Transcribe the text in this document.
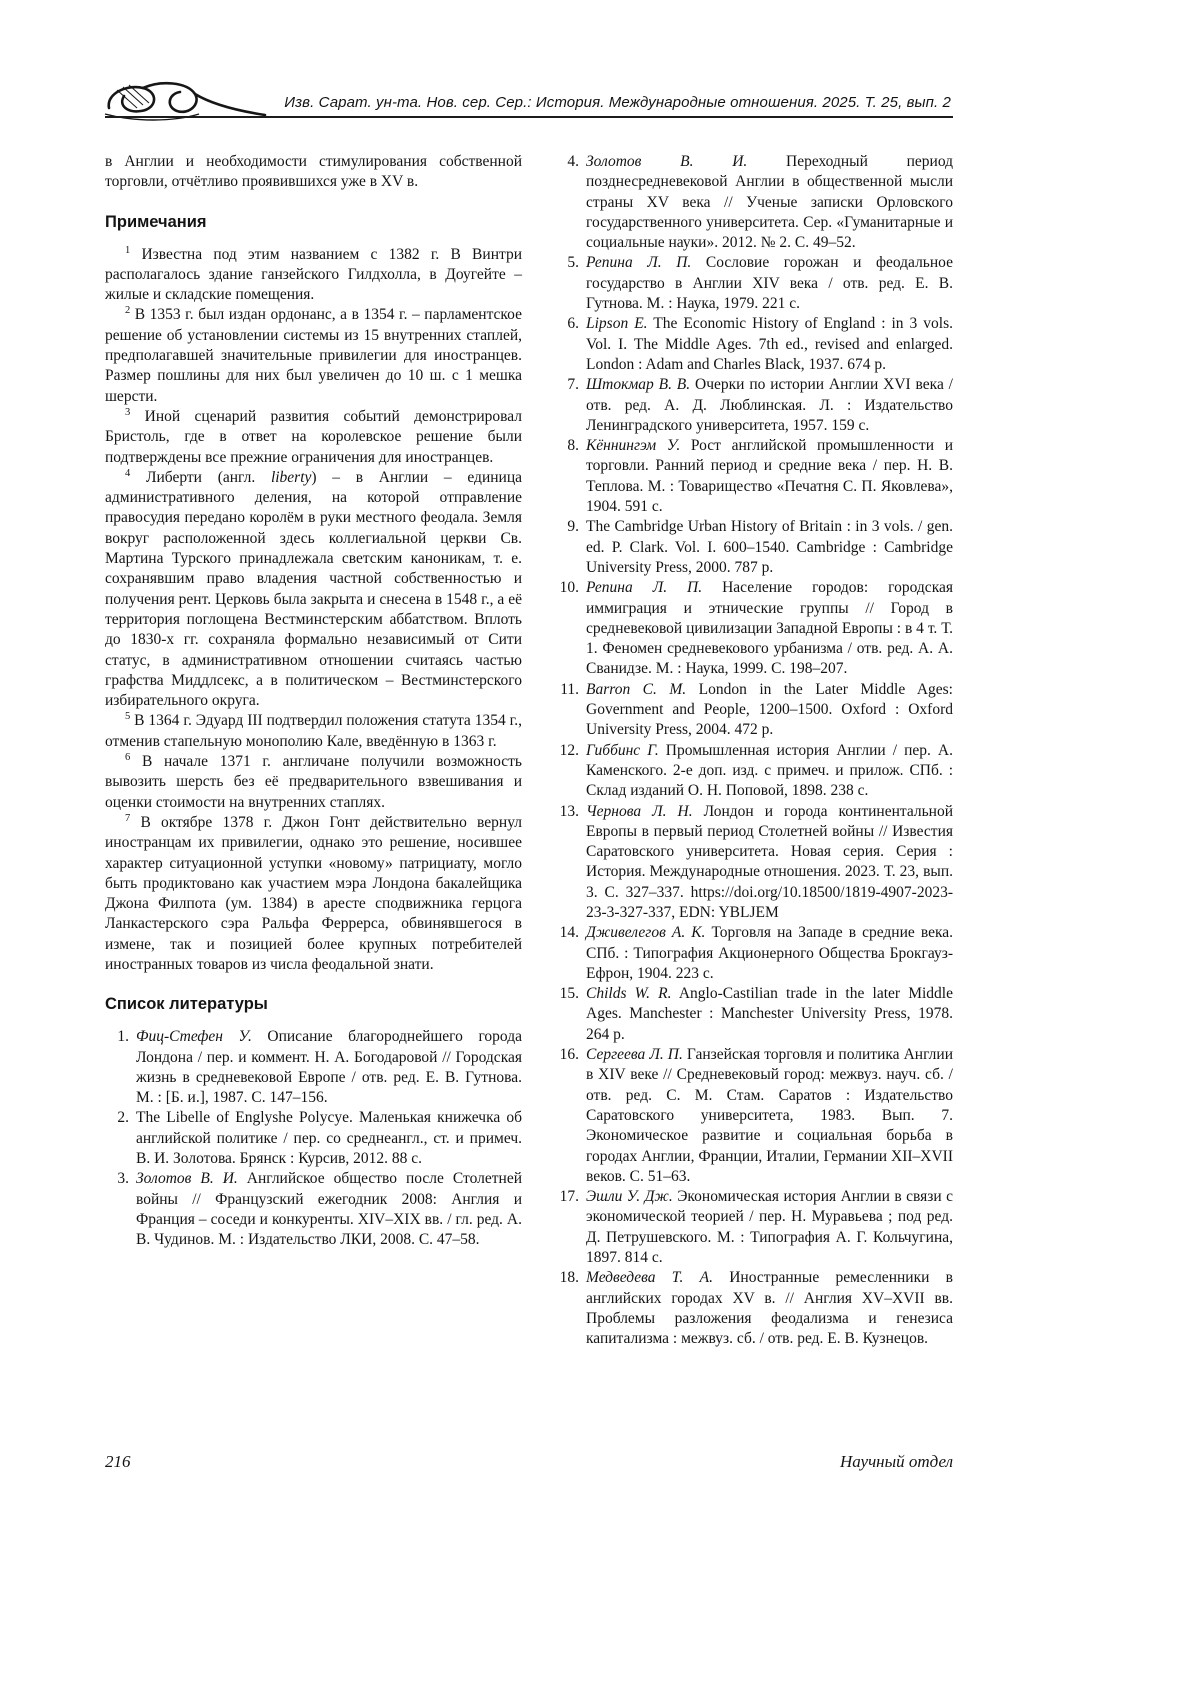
Изв. Сарат. ун-та. Нов. сер. Сер.: История. Международные отношения. 2025. Т. 25, вып. 2

в Англии и необходимости стимулирования собственной торговли, отчётливо проявившихся уже в XV в.

Примечания

$^1$ Известна под этим названием с 1382 г. В Винтри располагалось здание ганзейского Гилдхолла, в Доугейте – жилые и складские помещения.

$^2$ В 1353 г. был издан ордонанс, а в 1354 г. – парламентское решение об установлении системы из 15 внутренних стаплей, предполагавшей значительные привилегии для иностранцев. Размер пошлины для них был увеличен до 10 ш. с 1 мешка шерсти.

$^3$ Иной сценарий развития событий демонстрировал Бристоль, где в ответ на королевское решение были подтверждены все прежние ограничения для иностранцев.

$^4$ Либерти (англ. liberty) – в Англии – единица административного деления, на которой отправление правосудия передано королём в руки местного феодала. Земля вокруг расположенной здесь коллегиальной церкви Св. Мартина Турского принадлежала светским каноникам, т. е. сохранявшим право владения частной собственностью и получения рент. Церковь была закрыта и снесена в 1548 г., а её территория поглощена Вестминстерским аббатством. Вплоть до 1830-х гг. сохраняла формально независимый от Сити статус, в административном отношении считаясь частью графства Миддлсекс, а в политическом – Вестминстерского избирательного округа.

$^5$ В 1364 г. Эдуард III подтвердил положения статута 1354 г., отменив стапельную монополию Кале, введённую в 1363 г.

$^6$ В начале 1371 г. англичане получили возможность вывозить шерсть без её предварительного взвешивания и оценки стоимости на внутренних стаплях.

$^7$ В октябре 1378 г. Джон Гонт действительно вернул иностранцам их привилегии, однако это решение, носившее характер ситуационной уступки «новому» патрициату, могло быть продиктовано как участием мэра Лондона бакалейщика Джона Филпота (ум. 1384) в аресте сподвижника герцога Ланкастерского сэра Ральфа Феррерса, обвинявшегося в измене, так и позицией более крупных потребителей иностранных товаров из числа феодальной знати.

Список литературы
1. Фиц-Стефен У. Описание благороднейшего города Лондона / пер. и коммент. Н. А. Богодаровой // Городская жизнь в средневековой Европе / отв. ред. Е. В. Гутнова. М. : [Б. и.], 1987. С. 147–156.
2. The Libelle of Englyshe Polycye. Маленькая книжечка об английской политике / пер. со среднеангл., ст. и примеч. В. И. Золотова. Брянск : Курсив, 2012. 88 с.
3. Золотов В. И. Английское общество после Столетней войны // Французский ежегодник 2008: Англия и Франция – соседи и конкуренты. XIV–XIX вв. / гл. ред. А. В. Чудинов. М. : Издательство ЛКИ, 2008. С. 47–58.
4. Золотов В. И. Переходный период позднесредневековой Англии в общественной мысли страны XV века // Ученые записки Орловского государственного университета. Сер. «Гуманитарные и социальные науки». 2012. № 2. С. 49–52.
5. Репина Л. П. Сословие горожан и феодальное государство в Англии XIV века / отв. ред. Е. В. Гутнова. М. : Наука, 1979. 221 с.
6. Lipson E. The Economic History of England : in 3 vols. Vol. I. The Middle Ages. 7th ed., revised and enlarged. London : Adam and Charles Black, 1937. 674 p.
7. Штокмар В. В. Очерки по истории Англии XVI века / отв. ред. А. Д. Люблинская. Л. : Издательство Ленинградского университета, 1957. 159 с.
8. Кённингэм У. Рост английской промышленности и торговли. Ранний период и средние века / пер. Н. В. Теплова. М. : Товарищество «Печатня С. П. Яковлева», 1904. 591 с.
9. The Cambridge Urban History of Britain : in 3 vols. / gen. ed. P. Clark. Vol. I. 600–1540. Cambridge : Cambridge University Press, 2000. 787 p.
10. Репина Л. П. Население городов: городская иммиграция и этнические группы // Город в средневековой цивилизации Западной Европы : в 4 т. Т. 1. Феномен средневекового урбанизма / отв. ред. А. А. Сванидзе. М. : Наука, 1999. С. 198–207.
11. Barron C. M. London in the Later Middle Ages: Government and People, 1200–1500. Oxford : Oxford University Press, 2004. 472 p.
12. Гиббинс Г. Промышленная история Англии / пер. А. Каменского. 2-е доп. изд. с примеч. и прилож. СПб. : Склад изданий О. Н. Поповой, 1898. 238 с.
13. Чернова Л. Н. Лондон и города континентальной Европы в первый период Столетней войны // Известия Саратовского университета. Новая серия. Серия : История. Международные отношения. 2023. Т. 23, вып. 3. С. 327–337. https://doi.org/10.18500/1819-4907-2023-23-3-327-337, EDN: YBLJEM
14. Дживелегов А. К. Торговля на Западе в средние века. СПб. : Типография Акционерного Общества Брокгауз-Ефрон, 1904. 223 с.
15. Childs W. R. Anglo-Castilian trade in the later Middle Ages. Manchester : Manchester University Press, 1978. 264 p.
16. Сергеева Л. П. Ганзейская торговля и политика Англии в XIV веке // Средневековый город: межвуз. науч. сб. / отв. ред. С. М. Стам. Саратов : Издательство Саратовского университета, 1983. Вып. 7. Экономическое развитие и социальная борьба в городах Англии, Франции, Италии, Германии XII–XVII веков. С. 51–63.
17. Эшли У. Дж. Экономическая история Англии в связи с экономической теорией / пер. Н. Муравьева ; под ред. Д. Петрушевского. М. : Типография А. Г. Кольчугина, 1897. 814 с.
18. Медведева Т. А. Иностранные ремесленники в английских городах XV в. // Англия XV–XVII вв. Проблемы разложения феодализма и генезиса капитализма : межвуз. сб. / отв. ред. Е. В. Кузнецов.
216	Научный отдел
